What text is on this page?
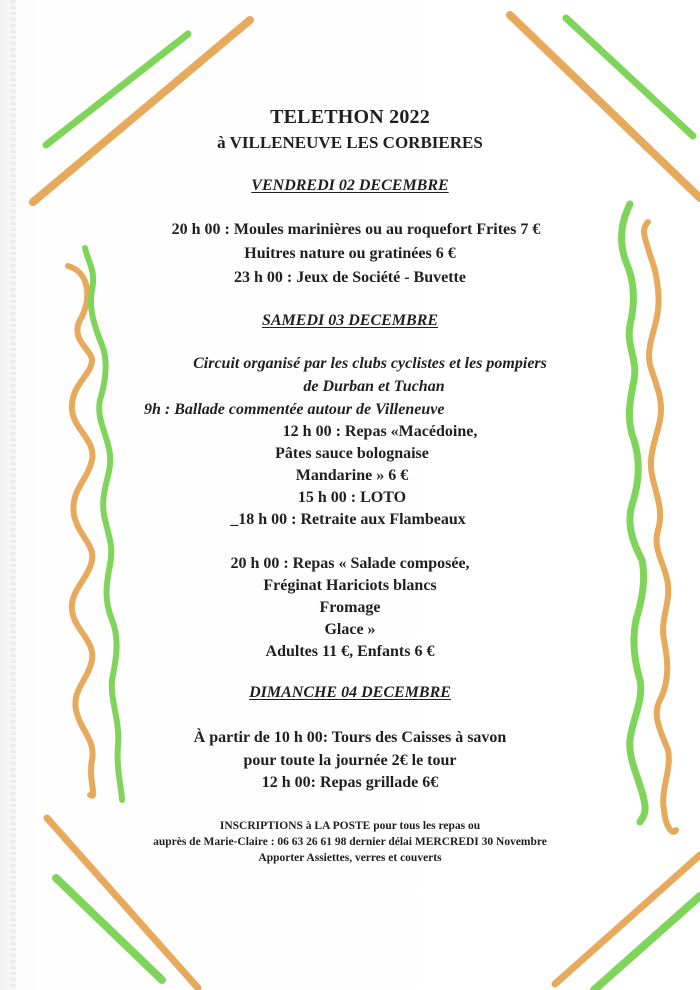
TELETHON 2022
à VILLENEUVE LES CORBIERES
VENDREDI 02 DECEMBRE
20 h 00 : Moules marinières ou au roquefort Frites 7 €
Huitres nature ou gratinées 6 €
23 h 00 : Jeux de Société - Buvette
SAMEDI 03 DECEMBRE
Circuit organisé par les clubs cyclistes et les pompiers
de Durban et Tuchan
9h : Ballade commentée autour de Villeneuve
12 h 00 : Repas «Macédoine,
Pâtes sauce bolognaise
Mandarine » 6 €
15 h 00 : LOTO
_18 h 00 : Retraite aux Flambeaux
20 h 00 : Repas « Salade composée,
Fréginat Hariciots blancs
Fromage
Glace »
Adultes 11 €, Enfants 6 €
DIMANCHE 04 DECEMBRE
À partir de 10 h 00: Tours des Caisses à savon
pour toute la journée 2€ le tour
12 h 00: Repas grillade 6€
INSCRIPTIONS à LA POSTE pour tous les repas ou
auprès de Marie-Claire : 06 63 26 61 98 dernier délai MERCREDI 30 Novembre
Apporter Assiettes, verres et couverts
